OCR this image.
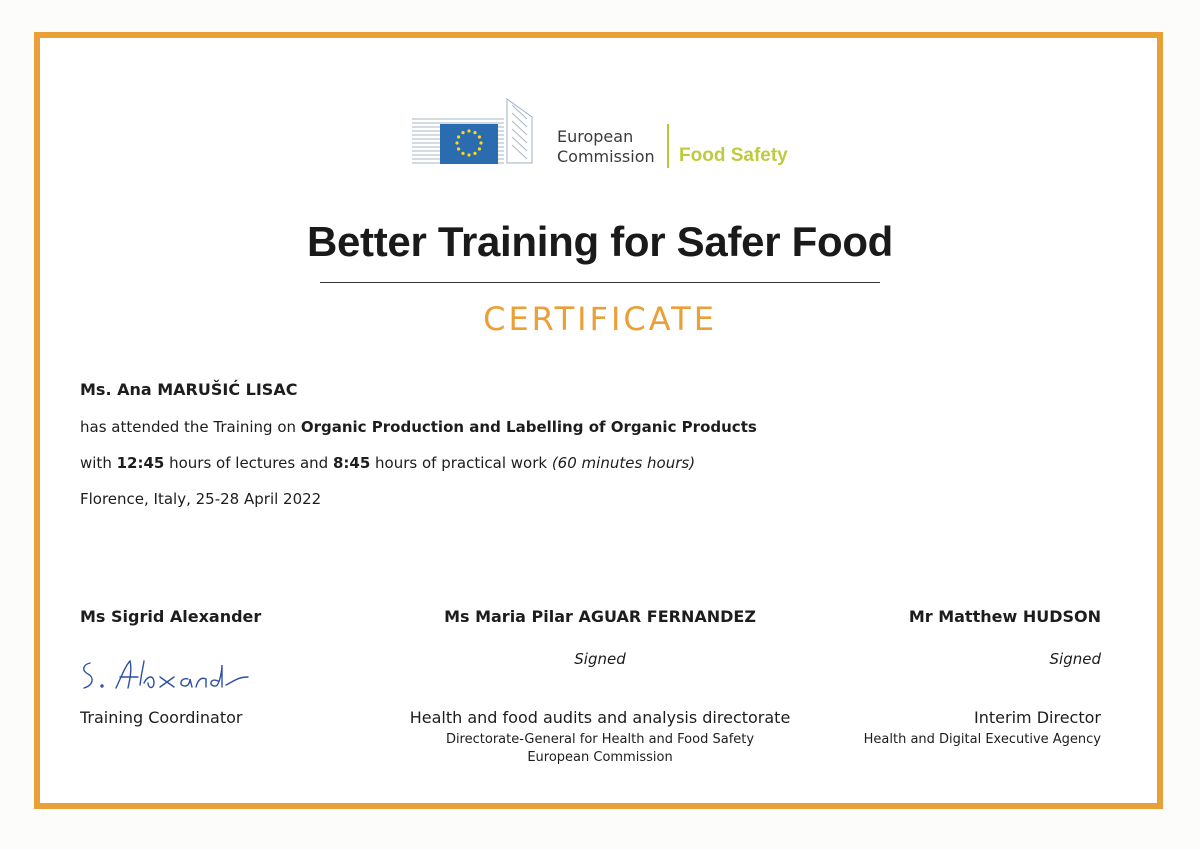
European
Commission Food Safety
Better Training for Safer Food
CERTIFICATE
Ms. Ana MARUŠIĆ LISAC
has attended the Training on Organic Production and Labelling of Organic Products
with 12:45 hours of lectures and 8:45 hours of practical work (60 minutes hours)
Florence, Italy, 25-28 April 2022
Ms Sigrid Alexander
Training Coordinator
Ms Maria Pilar AGUAR FERNANDEZ
Signed
Health and food audits and analysis directorate
Directorate-General for Health and Food Safety
European Commission
Mr Matthew HUDSON
Signed
Interim Director
Health and Digital Executive Agency
